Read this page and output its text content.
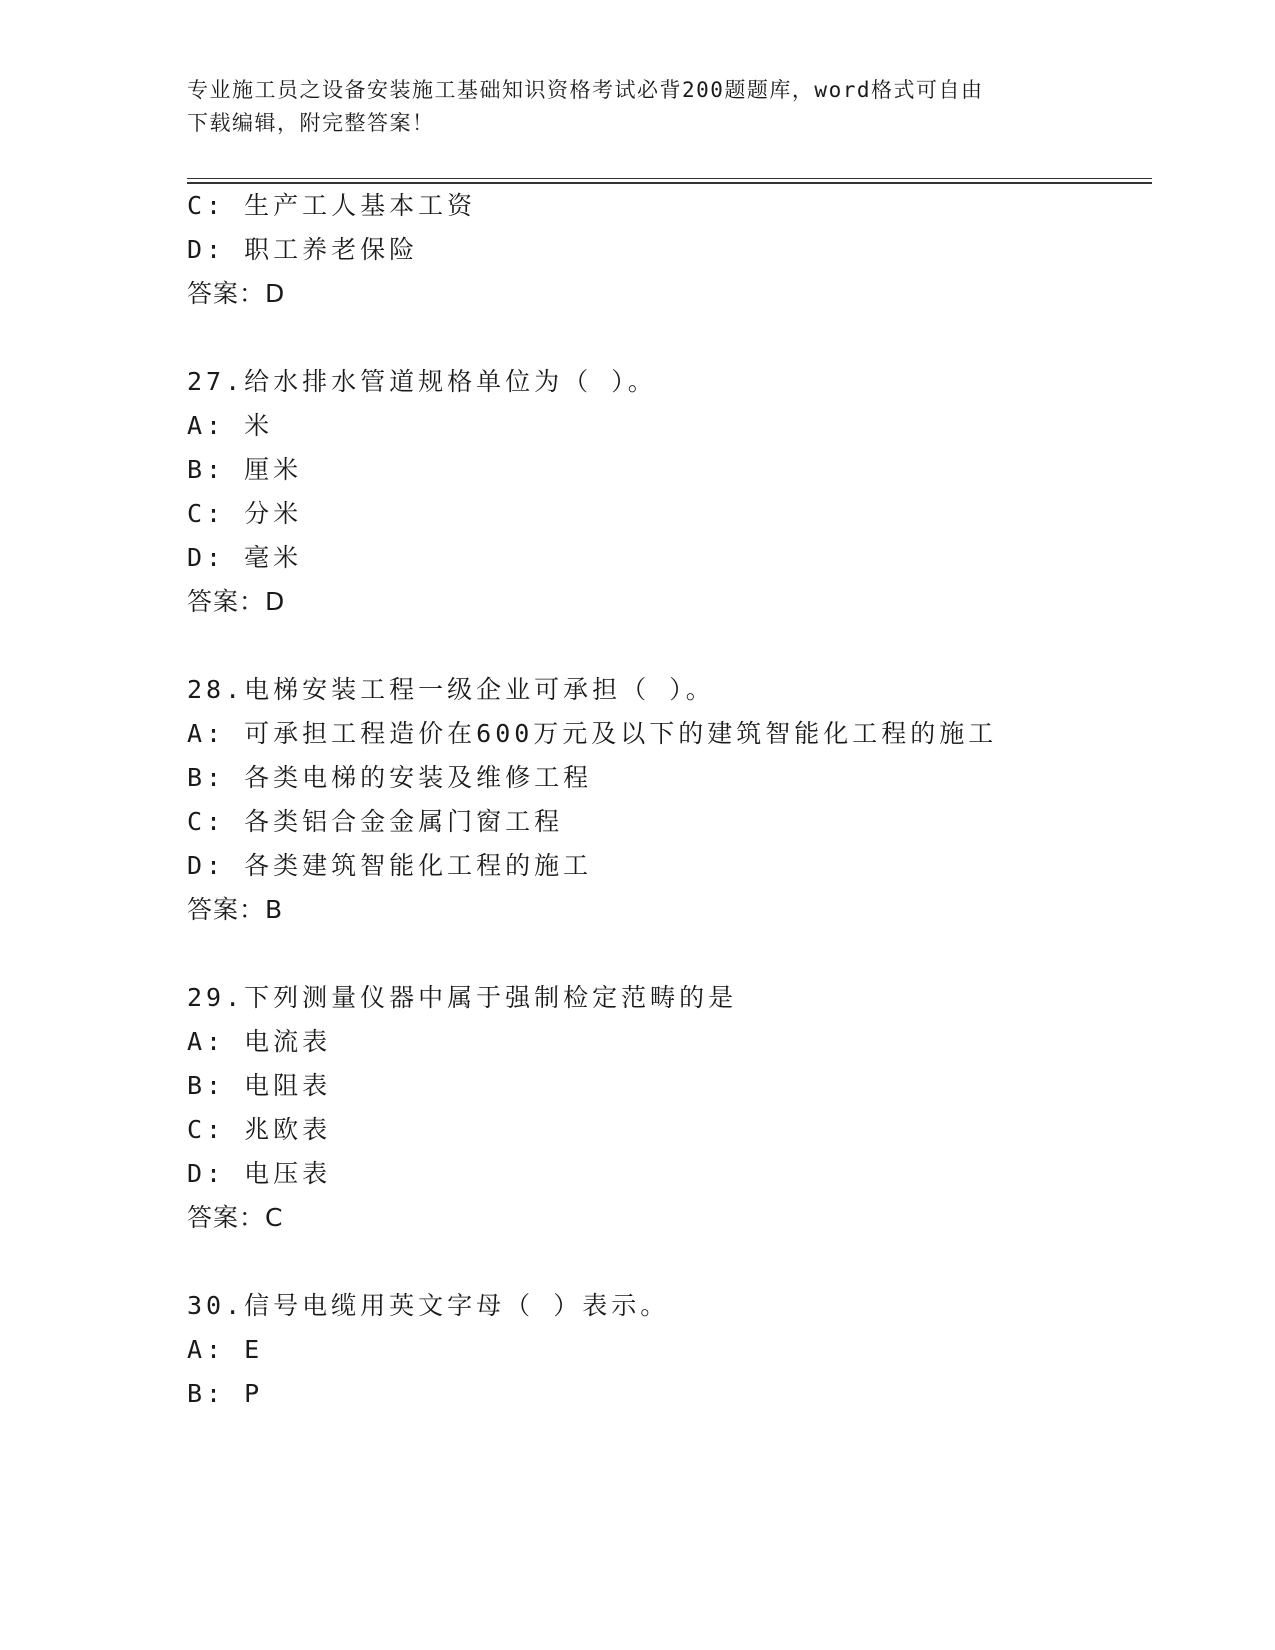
专业施工员之设备安装施工基础知识资格考试必背200题题库，word格式可自由
下载编辑，附完整答案！
C: 生产工人基本工资
D: 职工养老保险
答案：D
27.给水排水管道规格单位为（ ）。
A: 米
B: 厘米
C: 分米
D: 毫米
答案：D
28.电梯安装工程一级企业可承担（ ）。
A: 可承担工程造价在600万元及以下的建筑智能化工程的施工
B: 各类电梯的安装及维修工程
C: 各类铝合金金属门窗工程
D: 各类建筑智能化工程的施工
答案：B
29.下列测量仪器中属于强制检定范畴的是
A: 电流表
B: 电阻表
C: 兆欧表
D: 电压表
答案：C
30.信号电缆用英文字母（ ）表示。
A: E
B: P
